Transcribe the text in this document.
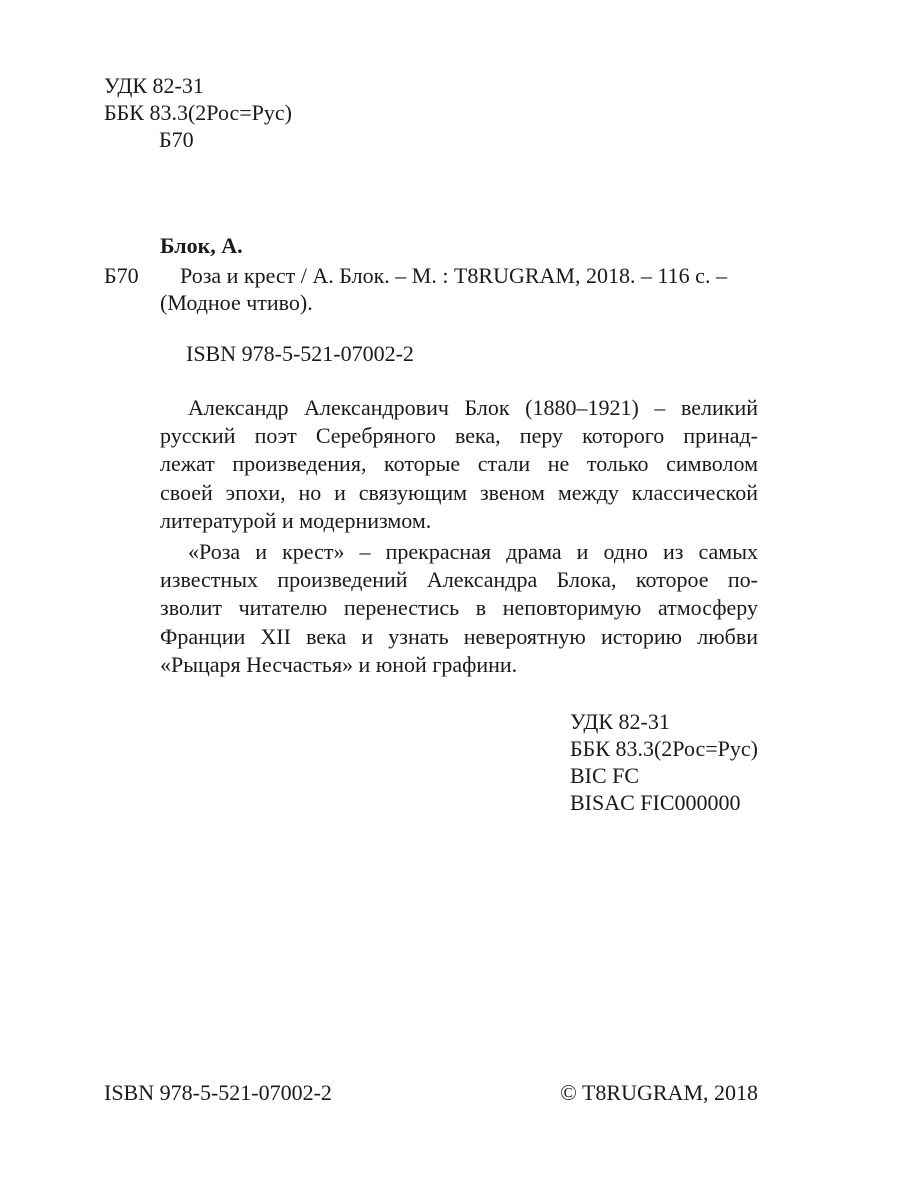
УДК 82-31
ББК 83.3(2Рос=Рус)
Б70
Блок, А.
Б70 Роза и крест / А. Блок. – М. : T8RUGRAM, 2018. – 116 с. –
(Модное чтиво).
ISBN 978-5-521-07002-2
Александр Александрович Блок (1880–1921) – великий
русский поэт Серебряного века, перу которого принад-
лежат произведения, которые стали не только символом
своей эпохи, но и связующим звеном между классической
литературой и модернизмом.
«Роза и крест» – прекрасная драма и одно из самых
известных произведений Александра Блока, которое по-
зволит читателю перенестись в неповторимую атмосферу
Франции XII века и узнать невероятную историю любви
«Рыцаря Несчастья» и юной графини.
УДК 82-31
ББК 83.3(2Рос=Рус)
BIC FC
BISAC FIC000000
ISBN 978-5-521-07002-2	© T8RUGRAM, 2018
